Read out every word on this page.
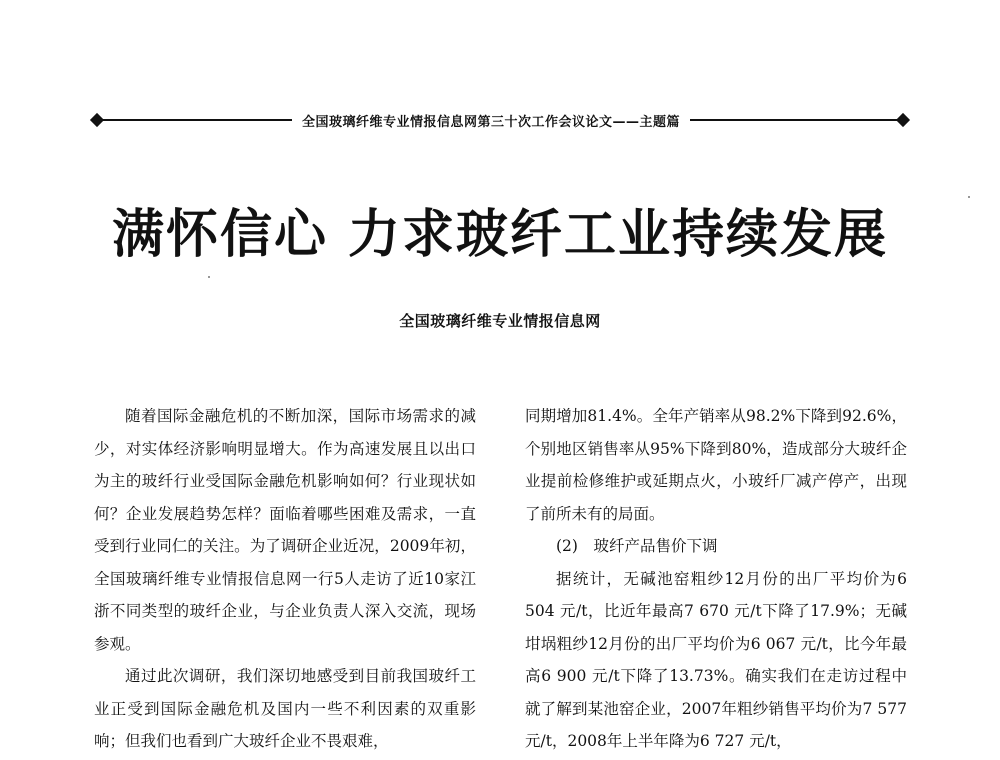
全国玻璃纤维专业情报信息网第三十次工作会议论文——主题篇
满怀信心 力求玻纤工业持续发展
全国玻璃纤维专业情报信息网

随着国际金融危机的不断加深，国际市场需求的减少，对实体经济影响明显增大。作为高速发展且以出口为主的玻纤行业受国际金融危机影响如何？行业现状如何？企业发展趋势怎样？面临着哪些困难及需求，一直受到行业同仁的关注。为了调研企业近况，2009年初，全国玻璃纤维专业情报信息网一行5人走访了近10家江浙不同类型的玻纤企业，与企业负责人深入交流，现场参观。

通过此次调研，我们深切地感受到目前我国玻纤工业正受到国际金融危机及国内一些不利因素的双重影响；但我们也看到广大玻纤企业不畏艰难，

同期增加81.4%。全年产销率从98.2%下降到92.6%，个别地区销售率从95%下降到80%，造成部分大玻纤企业提前检修维护或延期点火，小玻纤厂减产停产，出现了前所未有的局面。

(2)　玻纤产品售价下调

据统计，无碱池窑粗纱12月份的出厂平均价为6 504 元/t，比近年最高7 670 元/t下降了17.9%；无碱坩埚粗纱12月份的出厂平均价为6 067 元/t，比今年最高6 900 元/t下降了13.73%。确实我们在走访过程中就了解到某池窑企业，2007年粗纱销售平均价为7 577 元/t，2008年上半年降为6 727 元/t，
